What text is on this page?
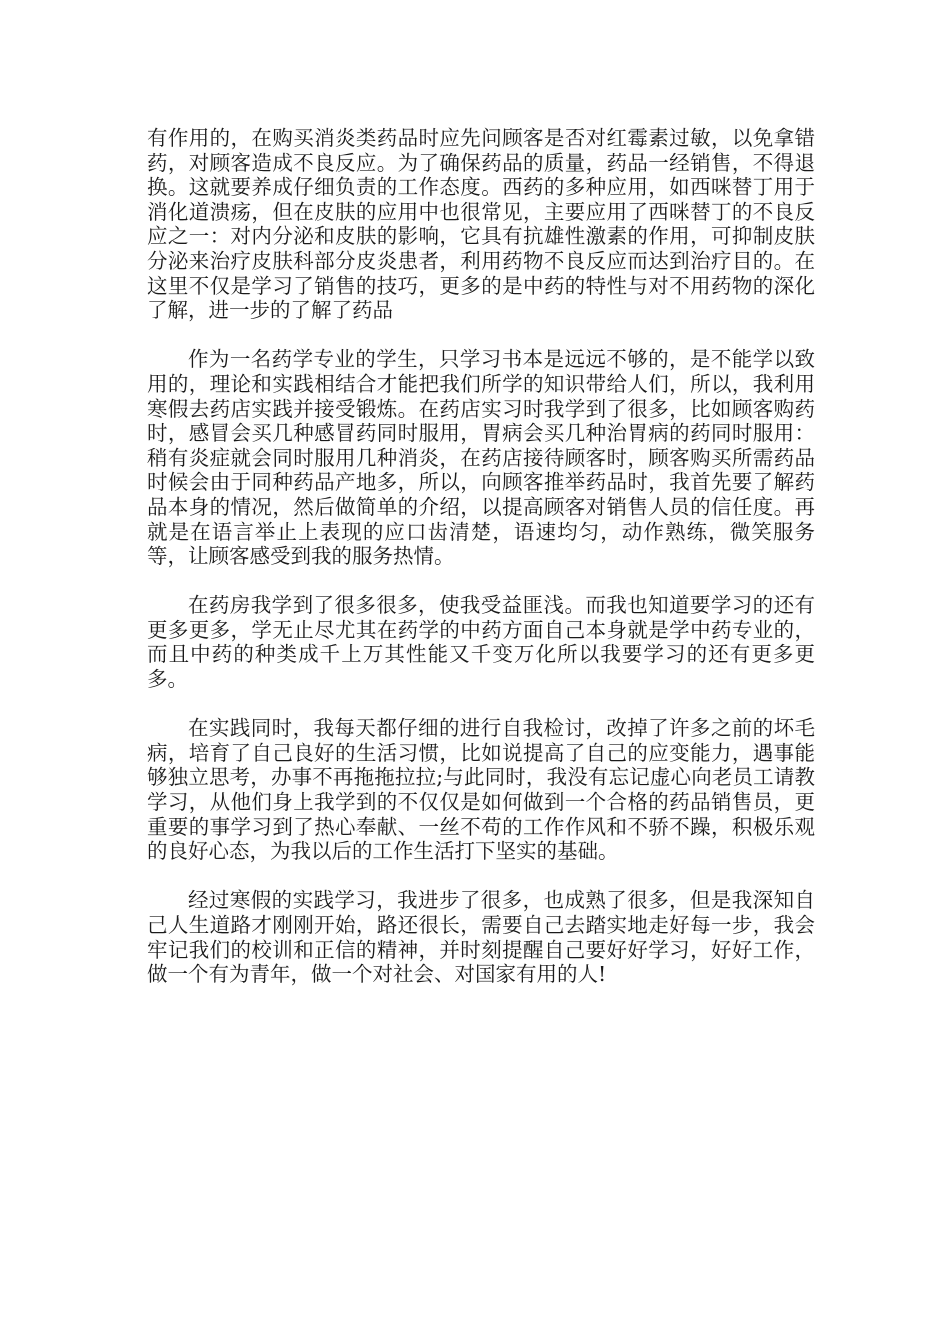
有作用的，在购买消炎类药品时应先问顾客是否对红霉素过敏，以免拿错药，对顾客造成不良反应。为了确保药品的质量，药品一经销售，不得退换。这就要养成仔细负责的工作态度。西药的多种应用，如西咪替丁用于消化道溃疡，但在皮肤的应用中也很常见，主要应用了西咪替丁的不良反应之一：对内分泌和皮肤的影响，它具有抗雄性激素的作用，可抑制皮肤分泌来治疗皮肤科部分皮炎患者，利用药物不良反应而达到治疗目的。在这里不仅是学习了销售的技巧，更多的是中药的特性与对不用药物的深化了解，进一步的了解了药品

作为一名药学专业的学生，只学习书本是远远不够的，是不能学以致用的，理论和实践相结合才能把我们所学的知识带给人们，所以，我利用寒假去药店实践并接受锻炼。在药店实习时我学到了很多，比如顾客购药时，感冒会买几种感冒药同时服用，胃病会买几种治胃病的药同时服用：稍有炎症就会同时服用几种消炎，在药店接待顾客时，顾客购买所需药品时候会由于同种药品产地多，所以，向顾客推举药品时，我首先要了解药品本身的情况，然后做简单的介绍，以提高顾客对销售人员的信任度。再就是在语言举止上表现的应口齿清楚，语速均匀，动作熟练，微笑服务等，让顾客感受到我的服务热情。

在药房我学到了很多很多，使我受益匪浅。而我也知道要学习的还有更多更多，学无止尽尤其在药学的中药方面自己本身就是学中药专业的，而且中药的种类成千上万其性能又千变万化所以我要学习的还有更多更多。

在实践同时，我每天都仔细的进行自我检讨，改掉了许多之前的坏毛病，培育了自己良好的生活习惯，比如说提高了自己的应变能力，遇事能够独立思考，办事不再拖拖拉拉;与此同时，我没有忘记虚心向老员工请教学习，从他们身上我学到的不仅仅是如何做到一个合格的药品销售员，更重要的事学习到了热心奉献、一丝不苟的工作作风和不骄不躁，积极乐观的良好心态，为我以后的工作生活打下坚实的基础。

经过寒假的实践学习，我进步了很多，也成熟了很多，但是我深知自己人生道路才刚刚开始，路还很长，需要自己去踏实地走好每一步，我会牢记我们的校训和正信的精神，并时刻提醒自己要好好学习，好好工作，做一个有为青年，做一个对社会、对国家有用的人!
